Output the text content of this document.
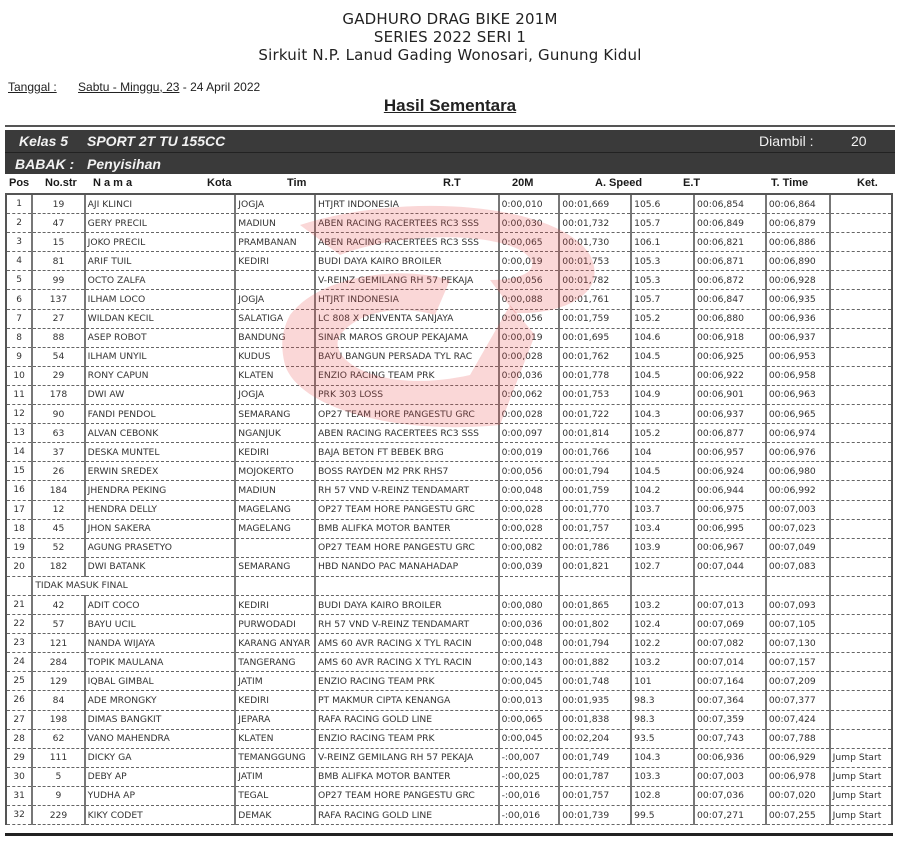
GADHURO DRAG BIKE 201M
SERIES 2022 SERI 1
Sirkuit N.P. Lanud Gading Wonosari, Gunung Kidul
Tanggal : Sabtu - Minggu, 23 - 24 April 2022
Hasil Sementara
Kelas 5 SPORT 2T TU 155CC	Diambil :	20
BABAK : Penyisihan
Pos No.str N a m a	Kota	Tim	R.T	20M	A. Speed	E.T	T. Time	Ket.
1	19	AJI KLINCI	JOGJA	HTJRT INDONESIA	0:00,010	00:01,669	105.6	00:06,854	00:06,864	
2	47	GERY PRECIL	MADIUN	ABEN RACING RACERTEES RC3 SSS	0:00,030	00:01,732	105.7	00:06,849	00:06,879	
3	15	JOKO PRECIL	PRAMBANAN	ABEN RACING RACERTEES RC3 SSS	0:00,065	00:01,730	106.1	00:06,821	00:06,886	
4	81	ARIF TUIL	KEDIRI	BUDI DAYA KAIRO BROILER	0:00,019	00:01,753	105.3	00:06,871	00:06,890	
5	99	OCTO ZALFA		V-REINZ GEMILANG RH 57 PEKAJA	0:00,056	00:01,782	105.3	00:06,872	00:06,928	
6	137	ILHAM LOCO	JOGJA	HTJRT INDONESIA	0:00,088	00:01,761	105.7	00:06,847	00:06,935	
7	27	WILDAN KECIL	SALATIGA	LC 808 X DENVENTA SANJAYA	0:00,056	00:01,759	105.2	00:06,880	00:06,936	
8	88	ASEP ROBOT	BANDUNG	SINAR MAROS GROUP PEKAJAMA	0:00,019	00:01,695	104.6	00:06,918	00:06,937	
9	54	ILHAM UNYIL	KUDUS	BAYU BANGUN PERSADA TYL RAC	0:00,028	00:01,762	104.5	00:06,925	00:06,953	
10	29	RONY CAPUN	KLATEN	ENZIO RACING TEAM PRK	0:00,036	00:01,778	104.5	00:06,922	00:06,958	
11	178	DWI AW	JOGJA	PRK 303 LOSS	0:00,062	00:01,753	104.9	00:06,901	00:06,963	
12	90	FANDI PENDOL	SEMARANG	OP27 TEAM HORE PANGESTU GRC	0:00,028	00:01,722	104.3	00:06,937	00:06,965	
13	63	ALVAN CEBONK	NGANJUK	ABEN RACING RACERTEES RC3 SSS	0:00,097	00:01,814	105.2	00:06,877	00:06,974	
14	37	DESKA MUNTEL	KEDIRI	BAJA BETON FT BEBEK BRG	0:00,019	00:01,766	104	00:06,957	00:06,976	
15	26	ERWIN SREDEX	MOJOKERTO	BOSS RAYDEN M2 PRK RHS7	0:00,056	00:01,794	104.5	00:06,924	00:06,980	
16	184	JHENDRA PEKING	MADIUN	RH 57 VND V-REINZ TENDAMART	0:00,048	00:01,759	104.2	00:06,944	00:06,992	
17	12	HENDRA DELLY	MAGELANG	OP27 TEAM HORE PANGESTU GRC	0:00,028	00:01,770	103.7	00:06,975	00:07,003	
18	45	JHON SAKERA	MAGELANG	BMB ALIFKA MOTOR BANTER	0:00,028	00:01,757	103.4	00:06,995	00:07,023	
19	52	AGUNG PRASETYO		OP27 TEAM HORE PANGESTU GRC	0:00,082	00:01,786	103.9	00:06,967	00:07,049	
20	182	DWI BATANK	SEMARANG	HBD NANDO PAC MANAHADAP	0:00,039	00:01,821	102.7	00:07,044	00:07,083	
	TIDAK MASUK FINAL									
21	42	ADIT COCO	KEDIRI	BUDI DAYA KAIRO BROILER	0:00,080	00:01,865	103.2	00:07,013	00:07,093	
22	57	BAYU UCIL	PURWODADI	RH 57 VND V-REINZ TENDAMART	0:00,036	00:01,802	102.4	00:07,069	00:07,105	
23	121	NANDA WIJAYA	KARANG ANYAR	AMS 60 AVR RACING X TYL RACIN	0:00,048	00:01,794	102.2	00:07,082	00:07,130	
24	284	TOPIK MAULANA	TANGERANG	AMS 60 AVR RACING X TYL RACIN	0:00,143	00:01,882	103.2	00:07,014	00:07,157	
25	129	IQBAL GIMBAL	JATIM	ENZIO RACING TEAM PRK	0:00,045	00:01,748	101	00:07,164	00:07,209	
26	84	ADE MRONGKY	KEDIRI	PT MAKMUR CIPTA KENANGA	0:00,013	00:01,935	98.3	00:07,364	00:07,377	
27	198	DIMAS BANGKIT	JEPARA	RAFA RACING GOLD LINE	0:00,065	00:01,838	98.3	00:07,359	00:07,424	
28	62	VANO MAHENDRA	KLATEN	ENZIO RACING TEAM PRK	0:00,045	00:02,204	93.5	00:07,743	00:07,788	
29	111	DICKY GA	TEMANGGUNG	V-REINZ GEMILANG RH 57 PEKAJA	-:00,007	00:01,749	104.3	00:06,936	00:06,929	Jump Start
30	5	DEBY AP	JATIM	BMB ALIFKA MOTOR BANTER	-:00,025	00:01,787	103.3	00:07,003	00:06,978	Jump Start
31	9	YUDHA AP	TEGAL	OP27 TEAM HORE PANGESTU GRC	-:00,016	00:01,757	102.8	00:07,036	00:07,020	Jump Start
32	229	KIKY CODET	DEMAK	RAFA RACING GOLD LINE	-:00,016	00:01,739	99.5	00:07,271	00:07,255	Jump Start
